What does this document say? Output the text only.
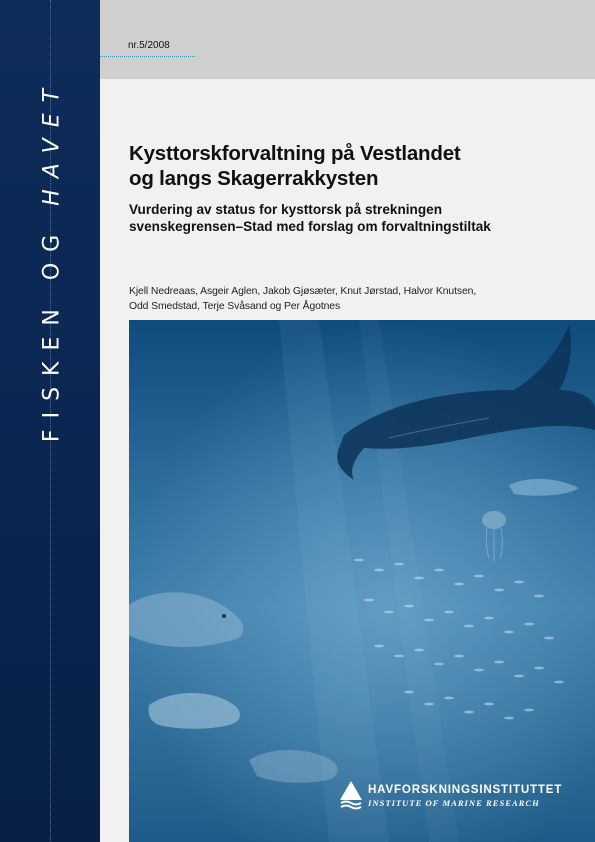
FISKEN OG HAVET
nr.5/2008
Kysttorskforvaltning på Vestlandet
og langs Skagerrakkysten
Vurdering av status for kysttorsk på strekningen
svenskegrensen–Stad med forslag om forvaltningstiltak
Kjell Nedreaas, Asgeir Aglen, Jakob Gjøsæter, Knut Jørstad, Halvor Knutsen,
Odd Smedstad, Terje Svåsand og Per Ågotnes
HAVFORSKNINGSINSTITUTTET
INSTITUTE OF MARINE RESEARCH
